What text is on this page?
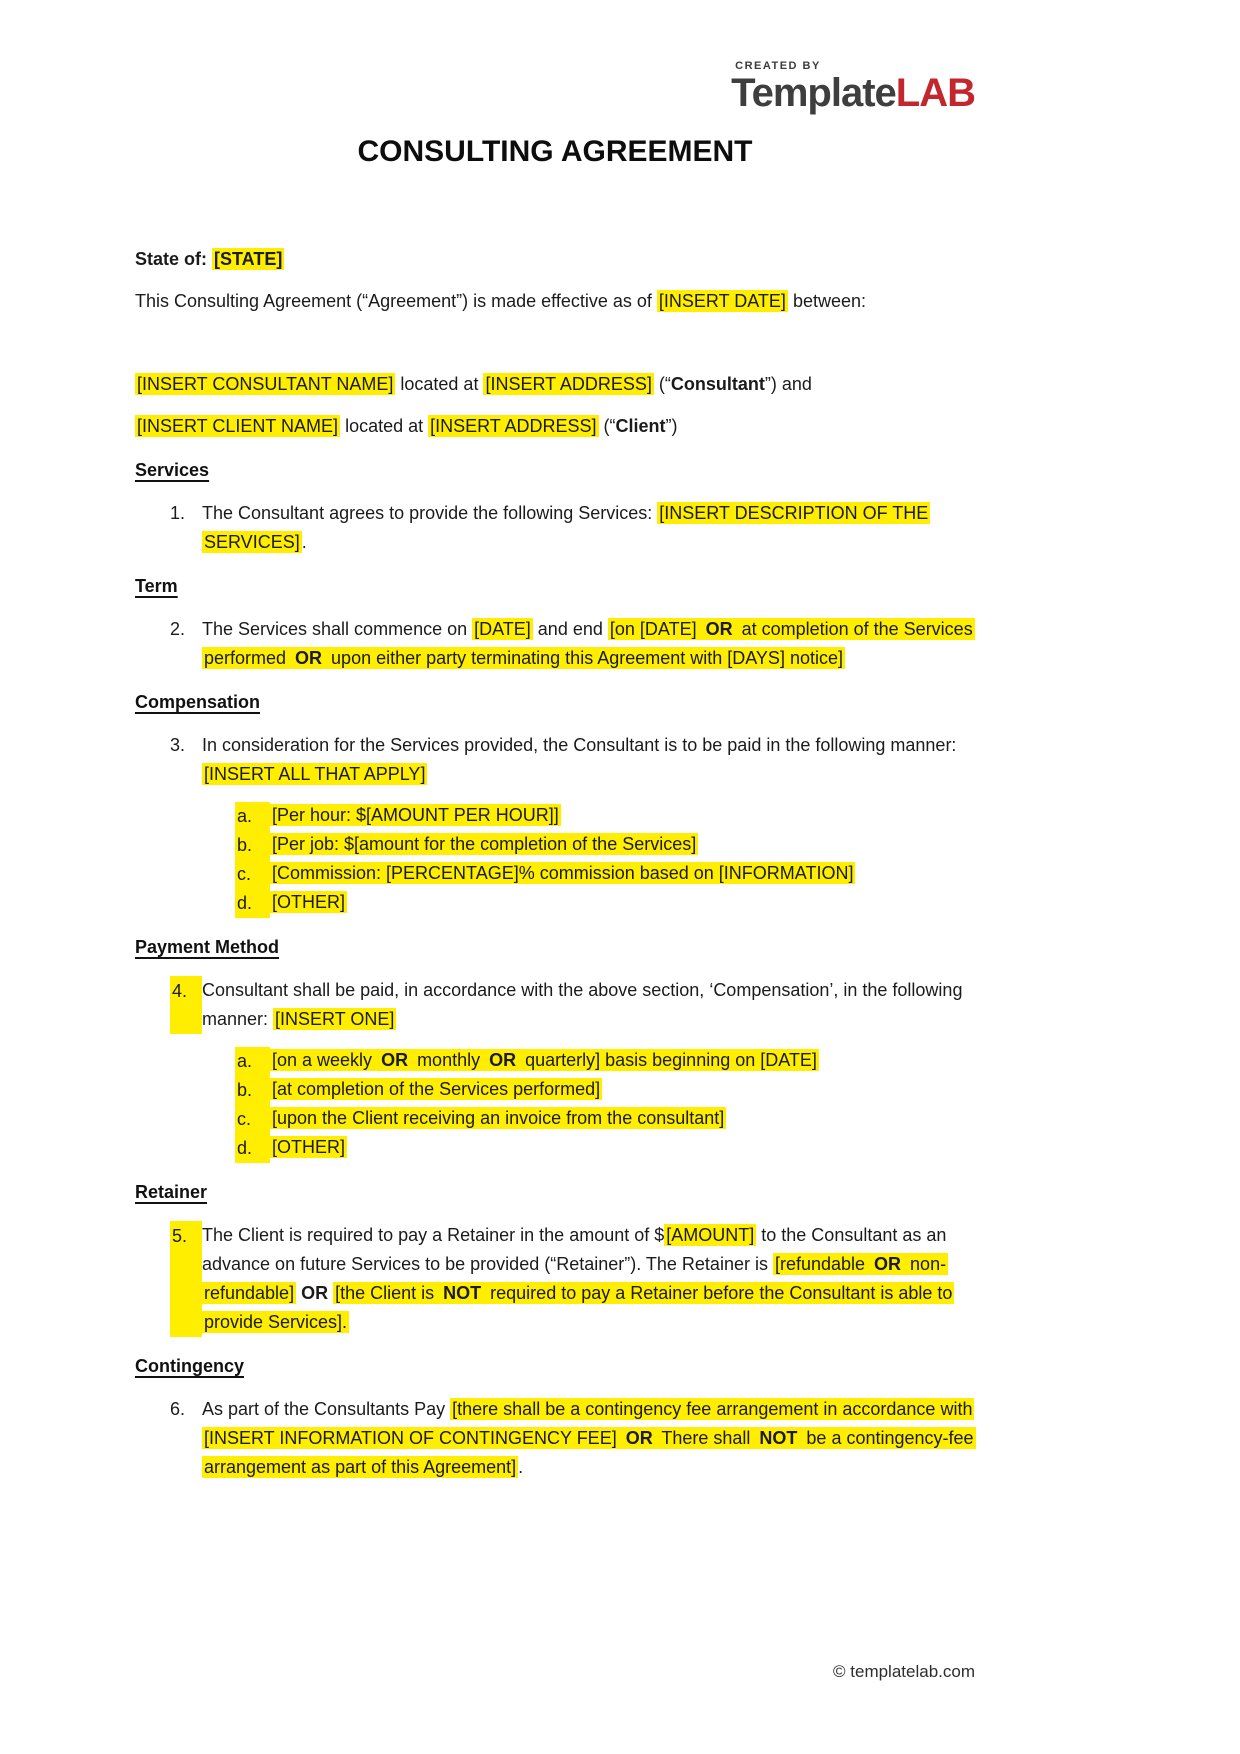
CREATED BY
TemplateLAB
CONSULTING AGREEMENT
State of: [STATE]
This Consulting Agreement (“Agreement”) is made effective as of [INSERT DATE] between:
[INSERT CONSULTANT NAME] located at [INSERT ADDRESS] (“Consultant”) and
[INSERT CLIENT NAME] located at [INSERT ADDRESS] (“Client”)
Services
1. The Consultant agrees to provide the following Services: [INSERT DESCRIPTION OF THE SERVICES] .
Term
2. The Services shall commence on [DATE] and end [on [DATE] OR at completion of the Services performed OR upon either party terminating this Agreement with [DAYS] notice]
Compensation
3. In consideration for the Services provided, the Consultant is to be paid in the following manner: [INSERT ALL THAT APPLY]
a.	[Per hour: $[AMOUNT PER HOUR]]
b.	[Per job: $[amount for the completion of the Services]
c.	[Commission: [PERCENTAGE]% commission based on [INFORMATION]
d.	[OTHER]
Payment Method
4. Consultant shall be paid, in accordance with the above section, ‘Compensation’, in the following manner: [INSERT ONE]
a.	[on a weekly OR monthly OR quarterly] basis beginning on [DATE]
b.	[at completion of the Services performed]
c.	[upon the Client receiving an invoice from the consultant]
d.	[OTHER]
Retainer
5. The Client is required to pay a Retainer in the amount of $ [AMOUNT] to the Consultant as an advance on future Services to be provided (“Retainer”). The Retainer is [refundable OR non-refundable] OR [the Client is NOT required to pay a Retainer before the Consultant is able to provide Services].
Contingency
6. As part of the Consultants Pay [there shall be a contingency fee arrangement in accordance with [INSERT INFORMATION OF CONTINGENCY FEE] OR There shall NOT be a contingency-fee arrangement as part of this Agreement] .
© templatelab.com
